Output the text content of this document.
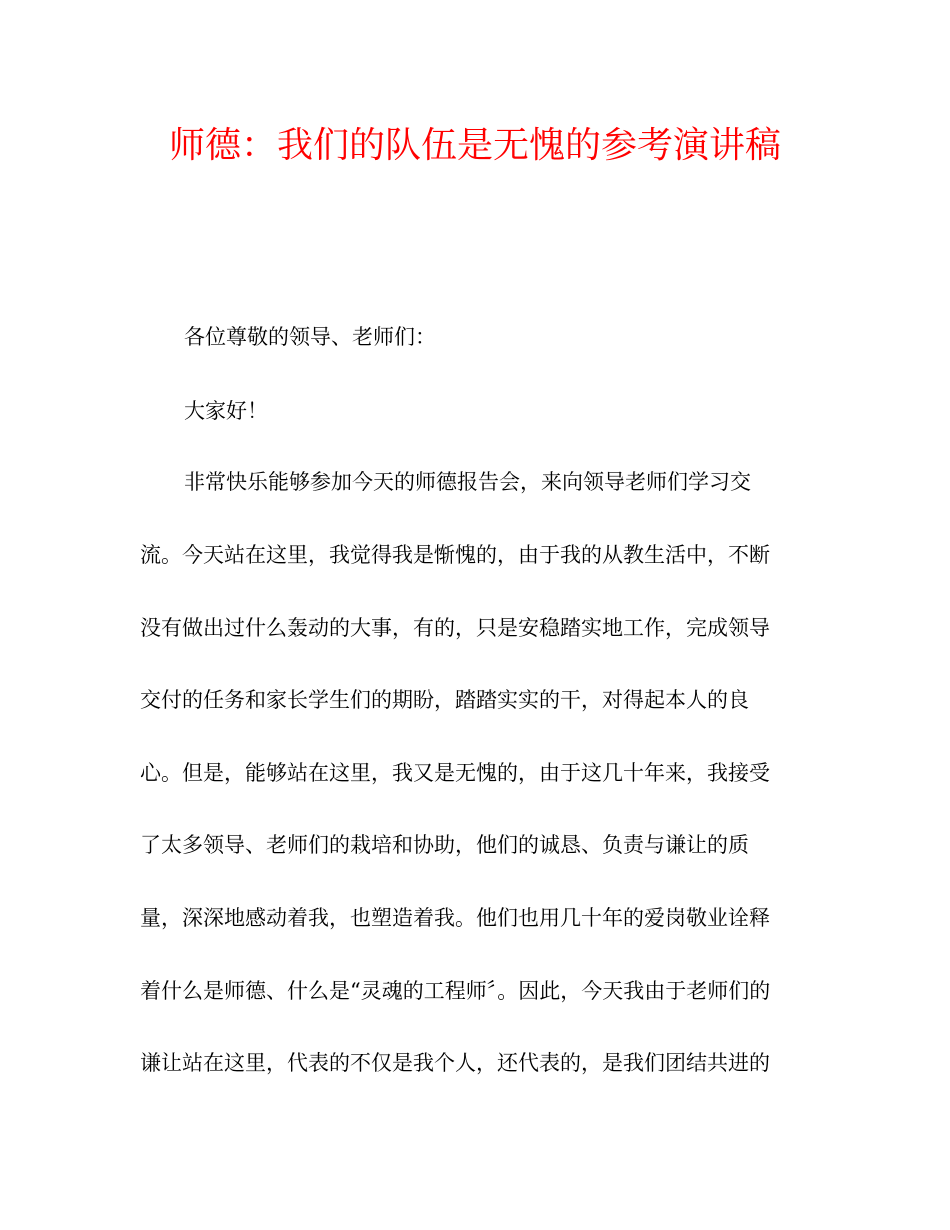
师德：我们的队伍是无愧的参考演讲稿
各位尊敬的领导、老师们：
大家好！
非常快乐能够参加今天的师德报告会，来向领导老师们学习交
流。今天站在这里，我觉得我是惭愧的，由于我的从教生活中，不断
没有做出过什么轰动的大事，有的，只是安稳踏实地工作，完成领导
交付的任务和家长学生们的期盼，踏踏实实的干，对得起本人的良
心。但是，能够站在这里，我又是无愧的，由于这几十年来，我接受
了太多领导、老师们的栽培和协助，他们的诚恳、负责与谦让的质
量，深深地感动着我，也塑造着我。他们也用几十年的爱岗敬业诠释
着什么是师德、什么是“灵魂的工程师〞。因此，今天我由于老师们的
谦让站在这里，代表的不仅是我个人，还代表的，是我们团结共进的
